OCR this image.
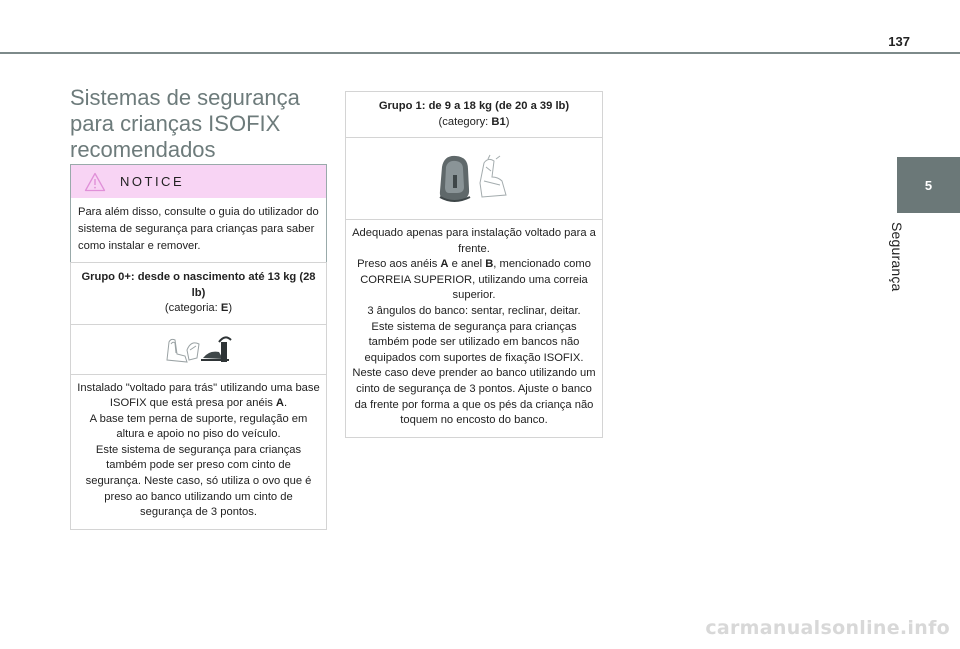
137
5
Segurança
Sistemas de segurança
para crianças ISOFIX
recomendados
NOTICE
Para além disso, consulte o guia do utilizador do sistema de segurança para crianças para saber como instalar e remover.
Grupo 0+: desde o nascimento até 13 kg (28 lb)
(categoria: E)
Instalado "voltado para trás" utilizando uma base ISOFIX que está presa por anéis A.
A base tem perna de suporte, regulação em altura e apoio no piso do veículo.
Este sistema de segurança para crianças também pode ser preso com cinto de segurança. Neste caso, só utiliza o ovo que é preso ao banco utilizando um cinto de segurança de 3 pontos.
Grupo 1: de 9 a 18 kg (de 20 a 39 lb)
(category: B1)
Adequado apenas para instalação voltado para a frente.
Preso aos anéis A e anel B, mencionado como CORREIA SUPERIOR, utilizando uma correia superior.
3 ângulos do banco: sentar, reclinar, deitar.
Este sistema de segurança para crianças também pode ser utilizado em bancos não equipados com suportes de fixação ISOFIX. Neste caso deve prender ao banco utilizando um cinto de segurança de 3 pontos. Ajuste o banco da frente por forma a que os pés da criança não toquem no encosto do banco.
carmanualsonline.info
